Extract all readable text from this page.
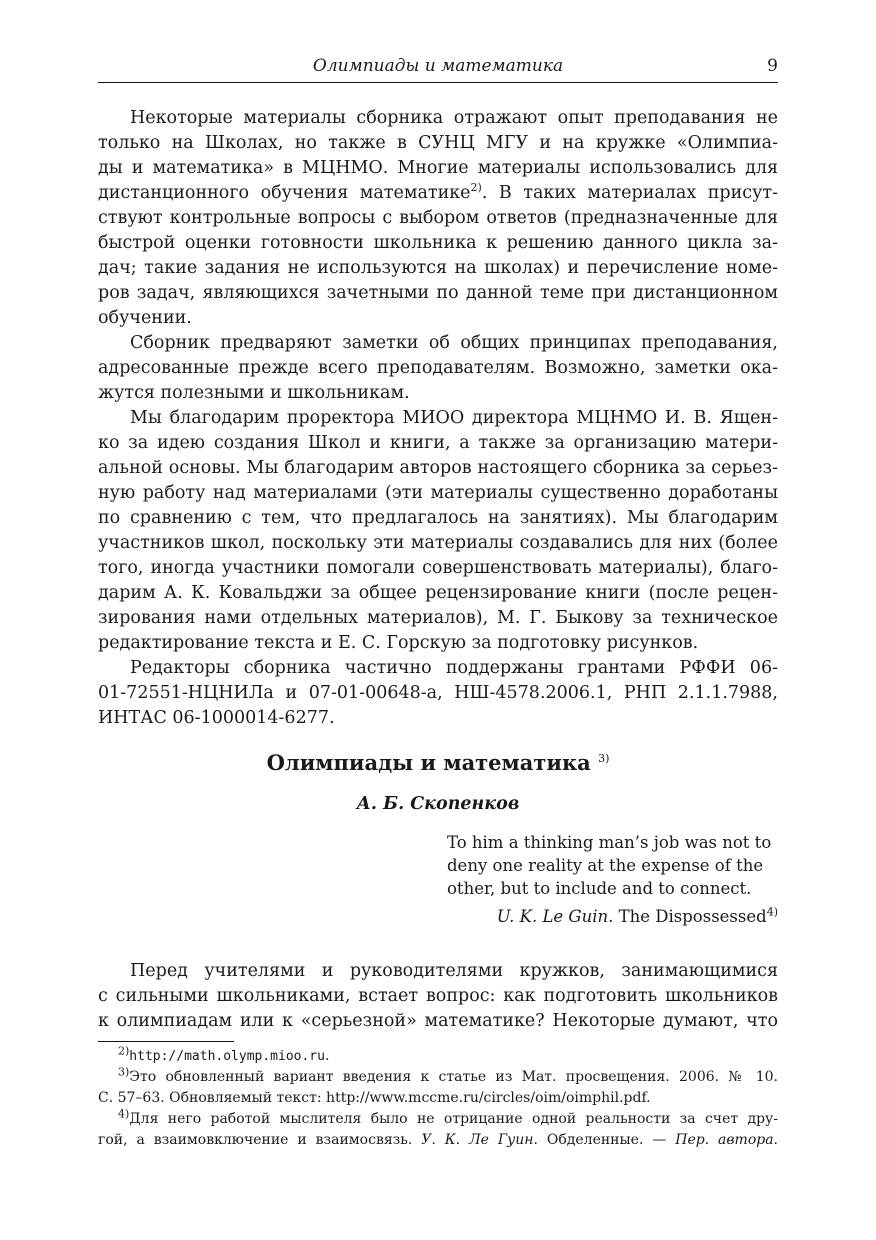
Олимпиады и математика	9
Некоторые материалы сборника отражают опыт преподавания не
только на Школах, но также в СУНЦ МГУ и на кружке «Олимпиа-
ды и математика» в МЦНМО. Многие материалы использовались для
дистанционного обучения математике$^{2)}$. В таких материалах присут-
ствуют контрольные вопросы с выбором ответов (предназначенные для
быстрой оценки готовности школьника к решению данного цикла за-
дач; такие задания не используются на школах) и перечисление номе-
ров задач, являющихся зачетными по данной теме при дистанционном
обучении.
Сборник предваряют заметки об общих принципах преподавания,
адресованные прежде всего преподавателям. Возможно, заметки ока-
жутся полезными и школьникам.
Мы благодарим проректора МИОО директора МЦНМО И. В. Ящен-
ко за идею создания Школ и книги, а также за организацию матери-
альной основы. Мы благодарим авторов настоящего сборника за серьез-
ную работу над материалами (эти материалы существенно доработаны
по сравнению с тем, что предлагалось на занятиях). Мы благодарим
участников школ, поскольку эти материалы создавались для них (более
того, иногда участники помогали совершенствовать материалы), благо-
дарим А. К. Ковальджи за общее рецензирование книги (после рецен-
зирования нами отдельных материалов), М. Г. Быкову за техническое
редактирование текста и Е. С. Горскую за подготовку рисунков.
Редакторы сборника частично поддержаны грантами РФФИ 06-
01-72551-НЦНИЛа и 07-01-00648-а, НШ-4578.2006.1, РНП 2.1.1.7988,
ИНТАС 06-1000014-6277.
Олимпиады и математика $^{3)}$
А. Б. Скопенков
To him a thinking man’s job was not to
deny one reality at the expense of the
other, but to include and to connect.
U. K. Le Guin. The Dispossessed$^{4)}$
Перед учителями и руководителями кружков, занимающимися
с сильными школьниками, встает вопрос: как подготовить школьников
к олимпиадам или к «серьезной» математике? Некоторые думают, что
$^{2)}$http://math.olymp.mioo.ru.
$^{3)}$Это обновленный вариант введения к статье из Мат. просвещения. 2006. № 10.
С. 57–63. Обновляемый текст: http://www.mccme.ru/circles/oim/oimphil.pdf.
$^{4)}$Для него работой мыслителя было не отрицание одной реальности за счет дру-
гой, а взаимовключение и взаимосвязь. У. К. Ле Гуин. Обделенные. — Пер. автора.
